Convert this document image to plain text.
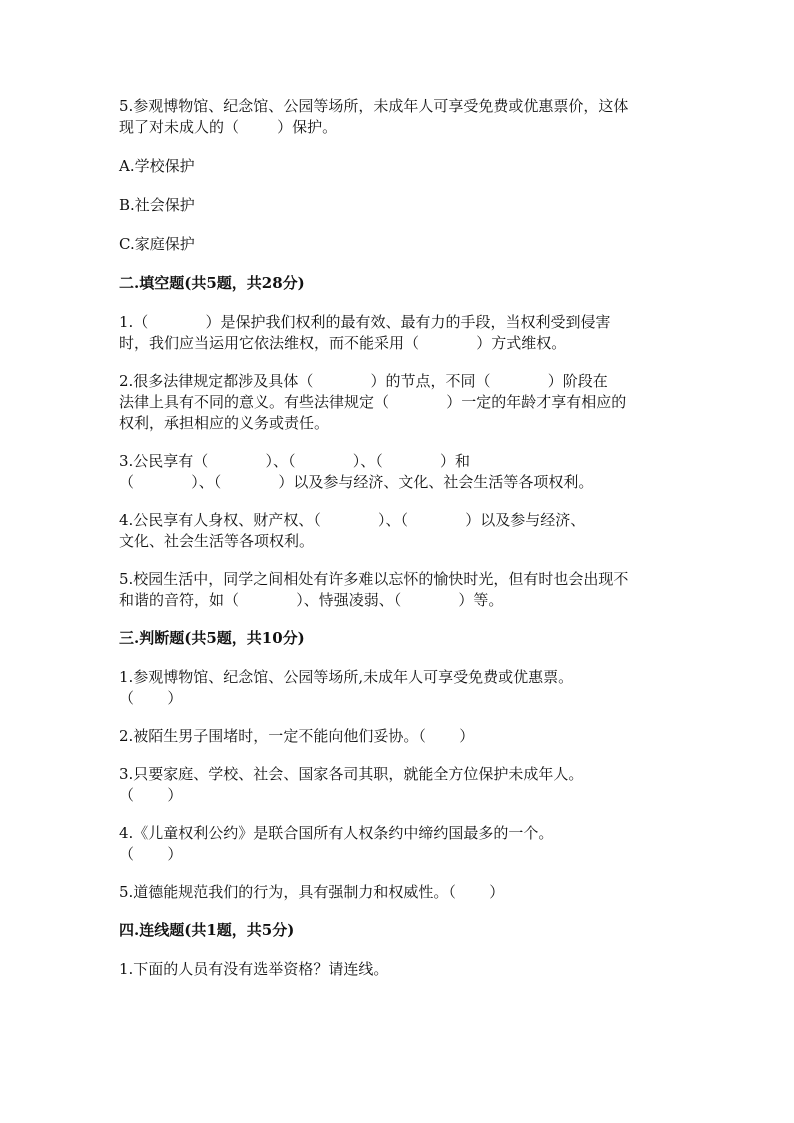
5.参观博物馆、纪念馆、公园等场所，未成年人可享受免费或优惠票价，这体

现了对未成人的（        ）保护。

A.学校保护

B.社会保护

C.家庭保护

二.填空题(共5题，共28分)

1.（            ）是保护我们权利的最有效、最有力的手段，当权利受到侵害

时，我们应当运用它依法维权，而不能采用（            ）方式维权。

2.很多法律规定都涉及具体（            ）的节点，不同（            ）阶段在

法律上具有不同的意义。有些法律规定（            ）一定的年龄才享有相应的

权利，承担相应的义务或责任。

3.公民享有（            ）、（            ）、（            ）和

（            ）、（            ）以及参与经济、文化、社会生活等各项权利。

4.公民享有人身权、财产权、（            ）、（            ）以及参与经济、

文化、社会生活等各项权利。

5.校园生活中，同学之间相处有许多难以忘怀的愉快时光，但有时也会出现不

和谐的音符，如（            ）、恃强凌弱、（            ）等。

三.判断题(共5题，共10分)

1.参观博物馆、纪念馆、公园等场所,未成年人可享受免费或优惠票。

（       ）

2.被陌生男子围堵时，一定不能向他们妥协。（       ）

3.只要家庭、学校、社会、国家各司其职，就能全方位保护未成年人。

（       ）

4.《儿童权利公约》是联合国所有人权条约中缔约国最多的一个。

（       ）

5.道德能规范我们的行为，具有强制力和权威性。（       ）

四.连线题(共1题，共5分)

1.下面的人员有没有选举资格？请连线。
